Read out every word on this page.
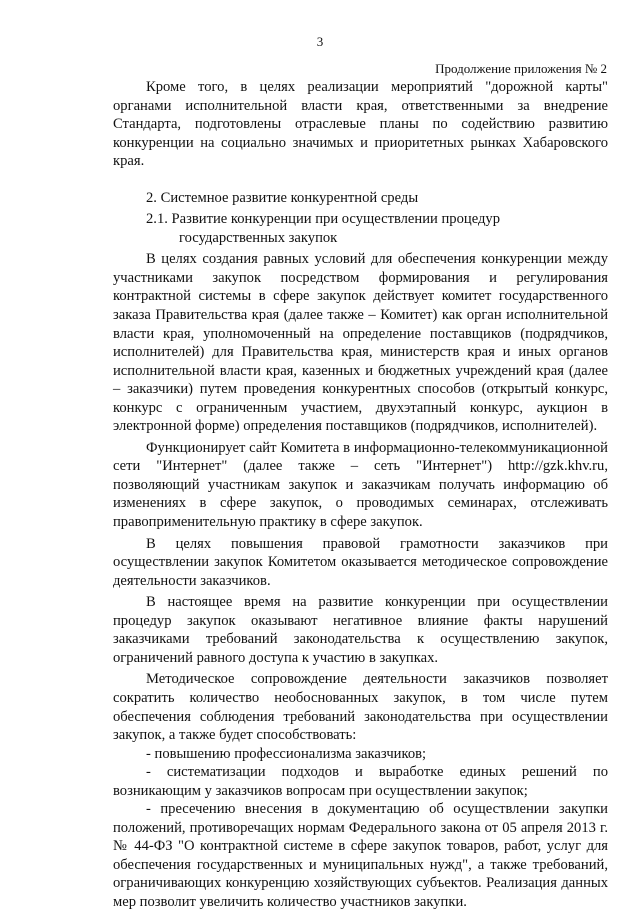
3
Продолжение приложения № 2

Кроме того, в целях реализации мероприятий "дорожной карты" органами исполнительной власти края, ответственными за внедрение Стандарта, подготовлены отраслевые планы по содействию развитию конкуренции на социально значимых и приоритетных рынках Хабаровского края.

2. Системное развитие конкурентной среды

2.1. Развитие конкуренции при осуществлении процедур государственных закупок

В целях создания равных условий для обеспечения конкуренции между участниками закупок посредством формирования и регулирования контрактной системы в сфере закупок действует комитет государственного заказа Правительства края (далее также – Комитет) как орган исполнительной власти края, уполномоченный на определение поставщиков (подрядчиков, исполнителей) для Правительства края, министерств края и иных органов исполнительной власти края, казенных и бюджетных учреждений края (далее – заказчики) путем проведения конкурентных способов (открытый конкурс, конкурс с ограниченным участием, двухэтапный конкурс, аукцион в электронной форме) определения поставщиков (подрядчиков, исполнителей).

Функционирует сайт Комитета в информационно-телекоммуникационной сети "Интернет" (далее также – сеть "Интернет") http://gzk.khv.ru, позволяющий участникам закупок и заказчикам получать информацию об изменениях в сфере закупок, о проводимых семинарах, отслеживать правоприменительную практику в сфере закупок.

В целях повышения правовой грамотности заказчиков при осуществлении закупок Комитетом оказывается методическое сопровождение деятельности заказчиков.

В настоящее время на развитие конкуренции при осуществлении процедур закупок оказывают негативное влияние факты нарушений заказчиками требований законодательства к осуществлению закупок, ограничений равного доступа к участию в закупках.

Методическое сопровождение деятельности заказчиков позволяет сократить количество необоснованных закупок, в том числе путем обеспечения соблюдения требований законодательства при осуществлении закупок, а также будет способствовать:

- повышению профессионализма заказчиков;

- систематизации подходов и выработке единых решений по возникающим у заказчиков вопросам при осуществлении закупок;

- пресечению внесения в документацию об осуществлении закупки положений, противоречащих нормам Федерального закона от 05 апреля 2013 г. № 44-ФЗ "О контрактной системе в сфере закупок товаров, работ, услуг для обеспечения государственных и муниципальных нужд", а также требований, ограничивающих конкуренцию хозяйствующих субъектов. Реализация данных мер позволит увеличить количество участников закупки.
